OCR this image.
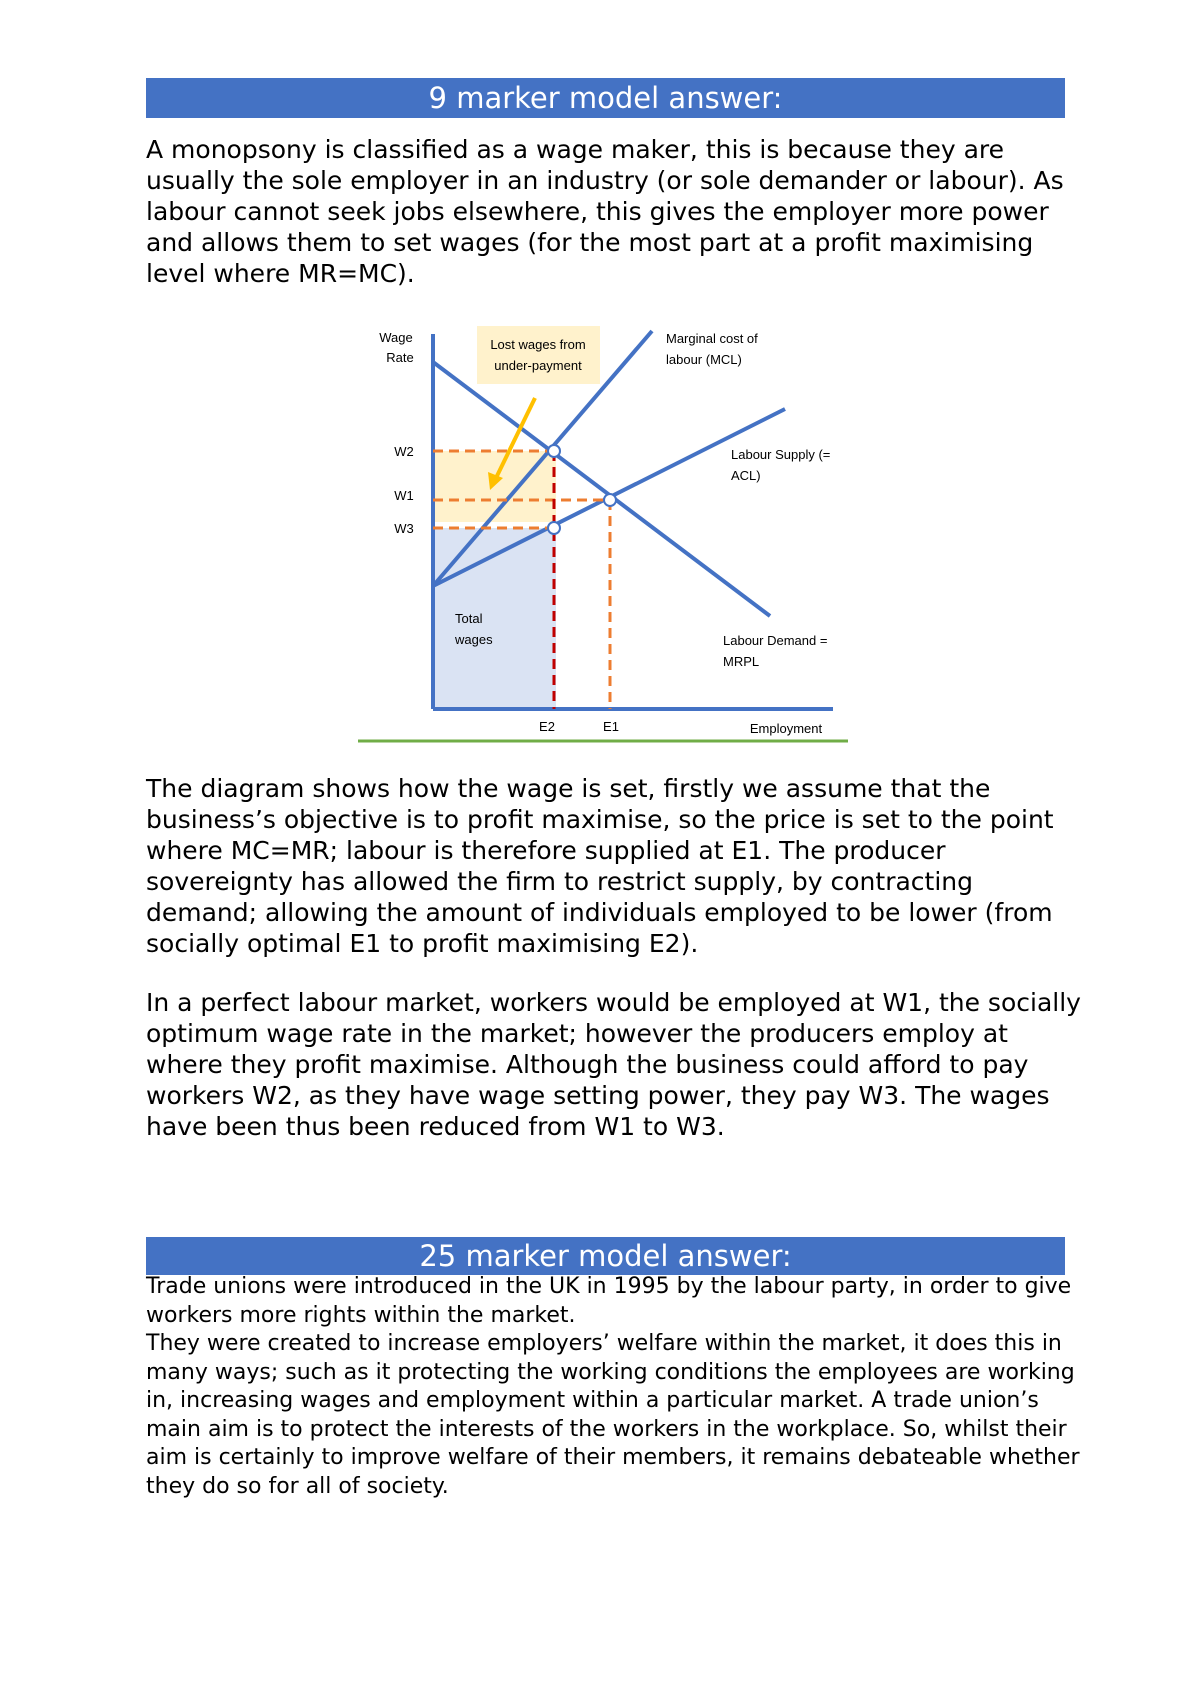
9 marker model answer:

A monopsony is classified as a wage maker, this is because they are usually the sole employer in an industry (or sole demander or labour). As labour cannot seek jobs elsewhere, this gives the employer more power and allows them to set wages (for the most part at a profit maximising level where MR=MC).

Lost wages from
under-payment
Wage
Rate
W2
W1
W3
E2	E1	Employment
Marginal cost of
labour (MCL)
Labour Supply (=
ACL)
Labour Demand =
MRPL
Total
wages

The diagram shows how the wage is set, firstly we assume that the business’s objective is to profit maximise, so the price is set to the point where MC=MR; labour is therefore supplied at E1. The producer sovereignty has allowed the firm to restrict supply, by contracting demand; allowing the amount of individuals employed to be lower (from socially optimal E1 to profit maximising E2).

In a perfect labour market, workers would be employed at W1, the socially optimum wage rate in the market; however the producers employ at where they profit maximise. Although the business could afford to pay workers W2, as they have wage setting power, they pay W3. The wages have been thus been reduced from W1 to W3.

25 marker model answer:

Trade unions were introduced in the UK in 1995 by the labour party, in order to give workers more rights within the market.

They were created to increase employers’ welfare within the market, it does this in many ways; such as it protecting the working conditions the employees are working in, increasing wages and employment within a particular market. A trade union’s main aim is to protect the interests of the workers in the workplace. So, whilst their aim is certainly to improve welfare of their members, it remains debateable whether they do so for all of society.
